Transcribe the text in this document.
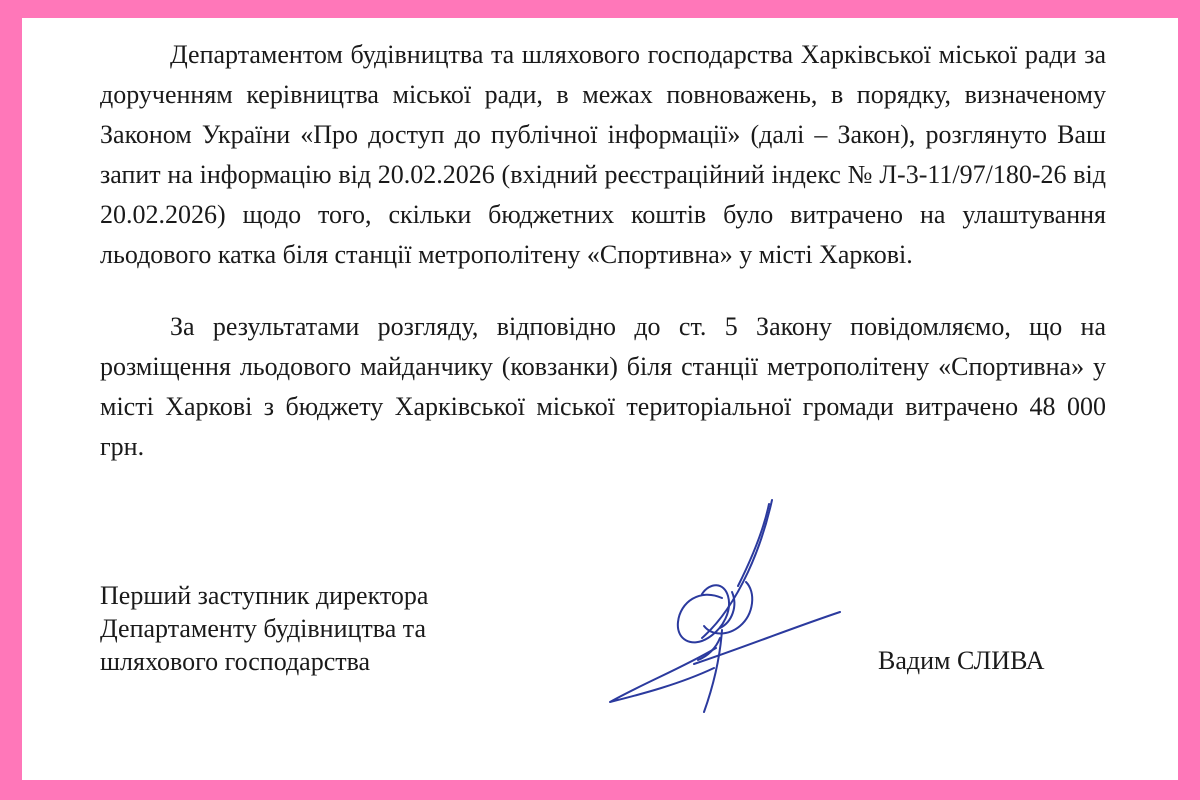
Департаментом будівництва та шляхового господарства Харківської міської ради за дорученням керівництва міської ради, в межах повноважень, в порядку, визначеному Законом України «Про доступ до публічної інформації» (далі – Закон), розглянуто Ваш запит на інформацію від 20.02.2026 (вхідний реєстраційний індекс № Л-3-11/97/180-26 від 20.02.2026) щодо того, скільки бюджетних коштів було витрачено на улаштування льодового катка біля станції метрополітену «Спортивна» у місті Харкові.

За результатами розгляду, відповідно до ст. 5 Закону повідомляємо, що на розміщення льодового майданчику (ковзанки) біля станції метрополітену «Спортивна» у місті Харкові з бюджету Харківської міської територіальної громади витрачено 48 000 грн.

Перший заступник директора
Департаменту будівництва та
шляхового господарства	Вадим СЛИВА
